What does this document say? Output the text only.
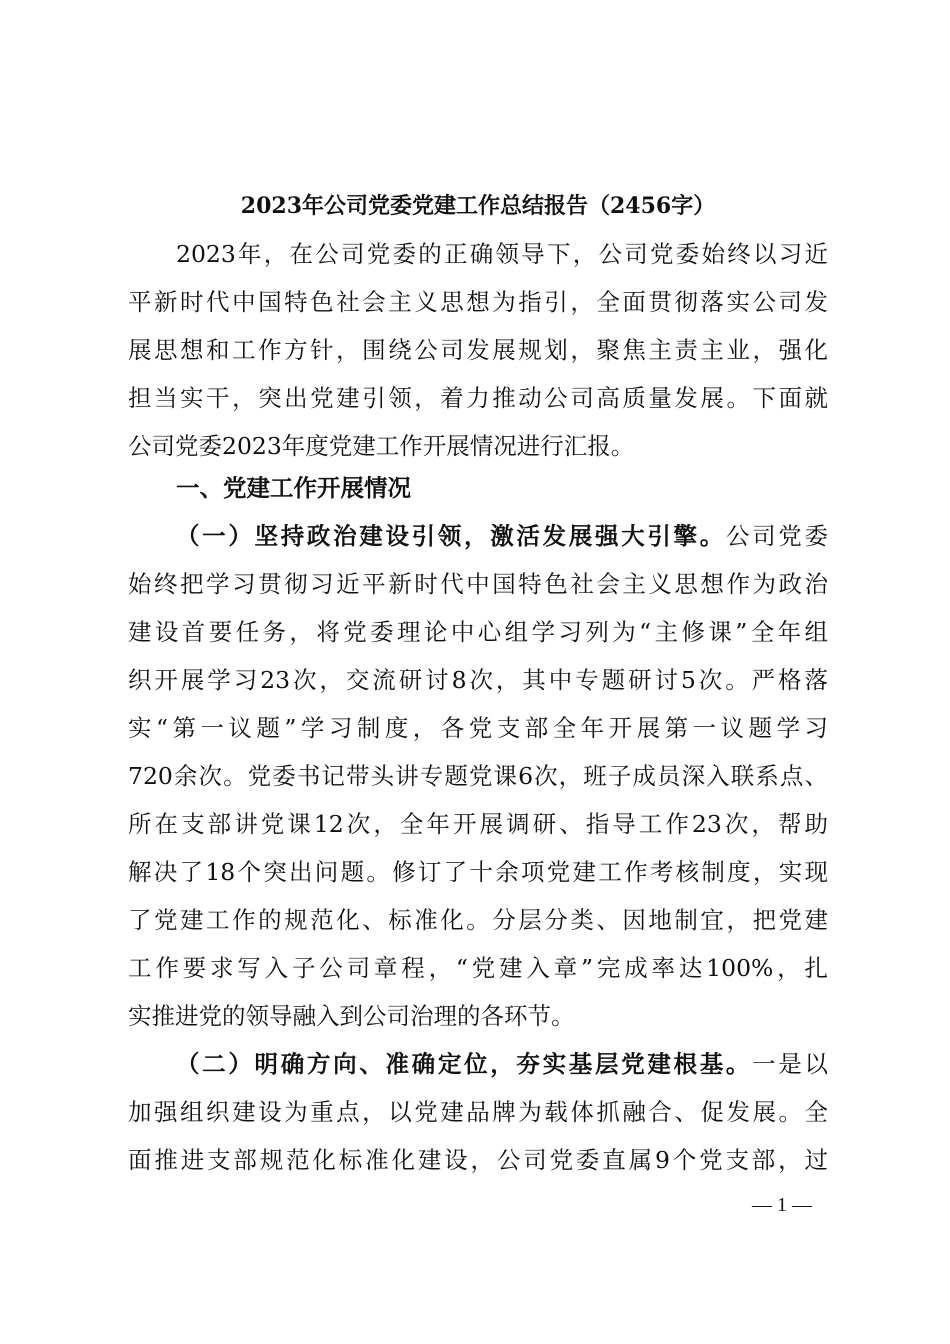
2023年公司党委党建工作总结报告（2456字）
2023年，在公司党委的正确领导下，公司党委始终以习近
平新时代中国特色社会主义思想为指引，全面贯彻落实公司发
展思想和工作方针，围绕公司发展规划，聚焦主责主业，强化
担当实干，突出党建引领，着力推动公司高质量发展。下面就
公司党委2023年度党建工作开展情况进行汇报。
一、党建工作开展情况
（一）坚持政治建设引领，激活发展强大引擎。公司党委
始终把学习贯彻习近平新时代中国特色社会主义思想作为政治
建设首要任务，将党委理论中心组学习列为“主修课”全年组
织开展学习23次，交流研讨8次，其中专题研讨5次。严格落
实“第一议题”学习制度，各党支部全年开展第一议题学习
720余次。党委书记带头讲专题党课6次，班子成员深入联系点、
所在支部讲党课12次，全年开展调研、指导工作23次，帮助
解决了18个突出问题。修订了十余项党建工作考核制度，实现
了党建工作的规范化、标准化。分层分类、因地制宜，把党建
工作要求写入子公司章程，“党建入章”完成率达100%，扎
实推进党的领导融入到公司治理的各环节。
（二）明确方向、准确定位，夯实基层党建根基。一是以
加强组织建设为重点，以党建品牌为载体抓融合、促发展。全
面推进支部规范化标准化建设，公司党委直属9个党支部，过
— 1 —
